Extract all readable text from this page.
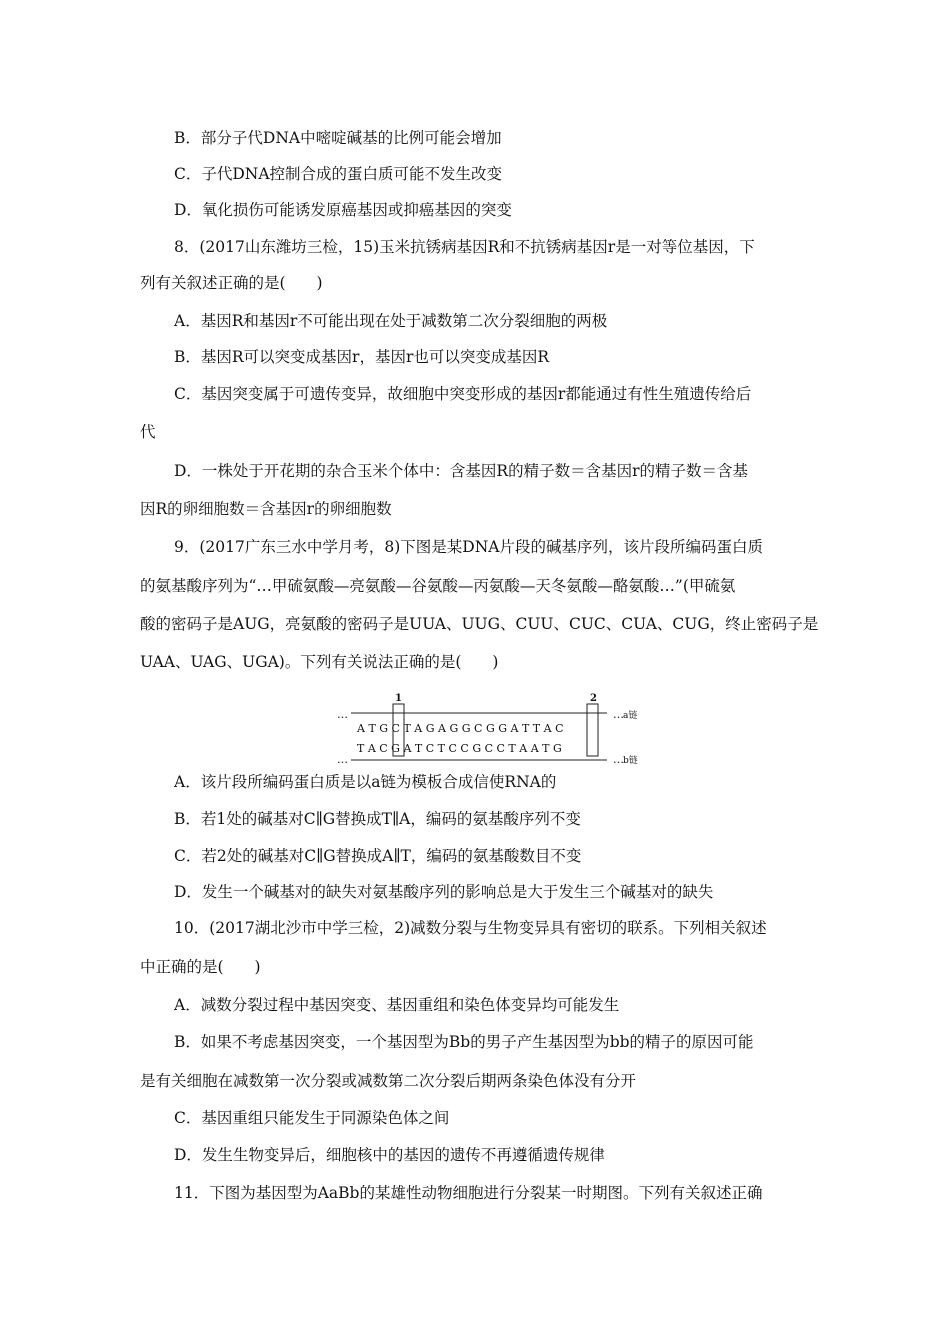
B．部分子代DNA中嘧啶碱基的比例可能会增加
C．子代DNA控制合成的蛋白质可能不发生改变
D．氧化损伤可能诱发原癌基因或抑癌基因的突变
8．(2017山东潍坊三检，15)玉米抗锈病基因R和不抗锈病基因r是一对等位基因，下
列有关叙述正确的是(　　)
A．基因R和基因r不可能出现在处于减数第二次分裂细胞的两极
B．基因R可以突变成基因r，基因r也可以突变成基因R
C．基因突变属于可遗传变异，故细胞中突变形成的基因r都能通过有性生殖遗传给后
代
D．一株处于开花期的杂合玉米个体中：含基因R的精子数＝含基因r的精子数＝含基
因R的卵细胞数＝含基因r的卵细胞数
9．(2017广东三水中学月考，8)下图是某DNA片段的碱基序列，该片段所编码蛋白质
的氨基酸序列为“…甲硫氨酸—亮氨酸—谷氨酸—丙氨酸—天冬氨酸—酪氨酸…”(甲硫氨
酸的密码子是AUG，亮氨酸的密码子是UUA、UUG、CUU、CUC、CUA、CUG，终止密码子是
UAA、UAG、UGA)。下列有关说法正确的是(　　)
1	2
…	… a链
A T G C T A G A G G C G G A T T A C
T A C G A T C T C C G C C T A A T G
…	… b链
A．该片段所编码蛋白质是以a链为模板合成信使RNA的
B．若1处的碱基对C∥G替换成T∥A，编码的氨基酸序列不变
C．若2处的碱基对C∥G替换成A∥T，编码的氨基酸数目不变
D．发生一个碱基对的缺失对氨基酸序列的影响总是大于发生三个碱基对的缺失
10．(2017湖北沙市中学三检，2)减数分裂与生物变异具有密切的联系。下列相关叙述
中正确的是(　　)
A．减数分裂过程中基因突变、基因重组和染色体变异均可能发生
B．如果不考虑基因突变，一个基因型为Bb的男子产生基因型为bb的精子的原因可能
是有关细胞在减数第一次分裂或减数第二次分裂后期两条染色体没有分开
C．基因重组只能发生于同源染色体之间
D．发生生物变异后，细胞核中的基因的遗传不再遵循遗传规律
11．下图为基因型为AaBb的某雄性动物细胞进行分裂某一时期图。下列有关叙述正确
